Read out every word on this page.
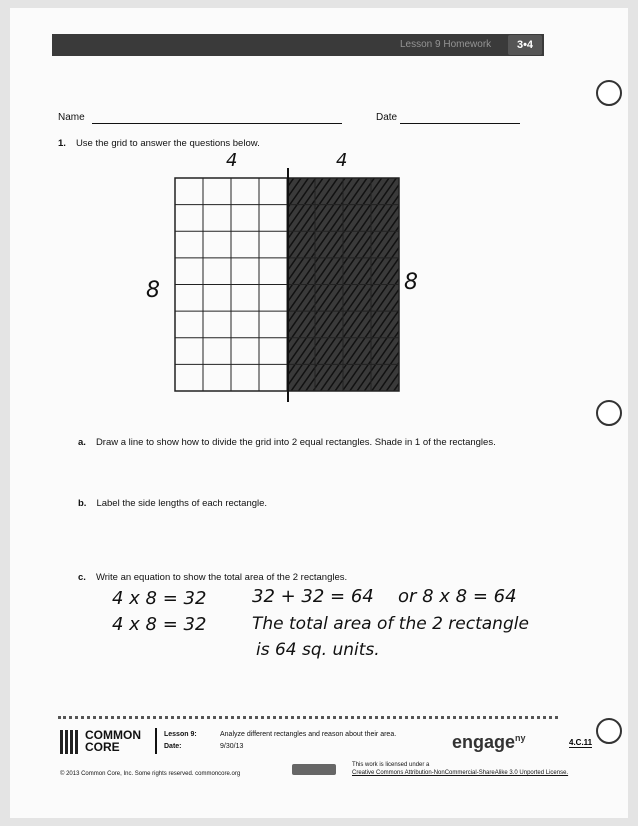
Lesson 9 Homework	3•4
Name	Date
1. Use the grid to answer the questions below.
4	4
8	8
a. Draw a line to show how to divide the grid into 2 equal rectangles. Shade in 1 of the rectangles.
b. Label the side lengths of each rectangle.
c. Write an equation to show the total area of the 2 rectangles.
4 x 8 = 32	32 + 32 = 64 or 8 x 8 = 64
4 x 8 = 32	The total area of the 2 rectangle
is 64 sq. units.
COMMON
CORE
Lesson 9:	Analyze different rectangles and reason about their area.
Date:	9/30/13	engage$^{ny}$	4.C.11
© 2013 Common Core, Inc. Some rights reserved. commoncore.org
This work is licensed under a
Creative Commons Attribution-NonCommercial-ShareAlike 3.0 Unported License.
